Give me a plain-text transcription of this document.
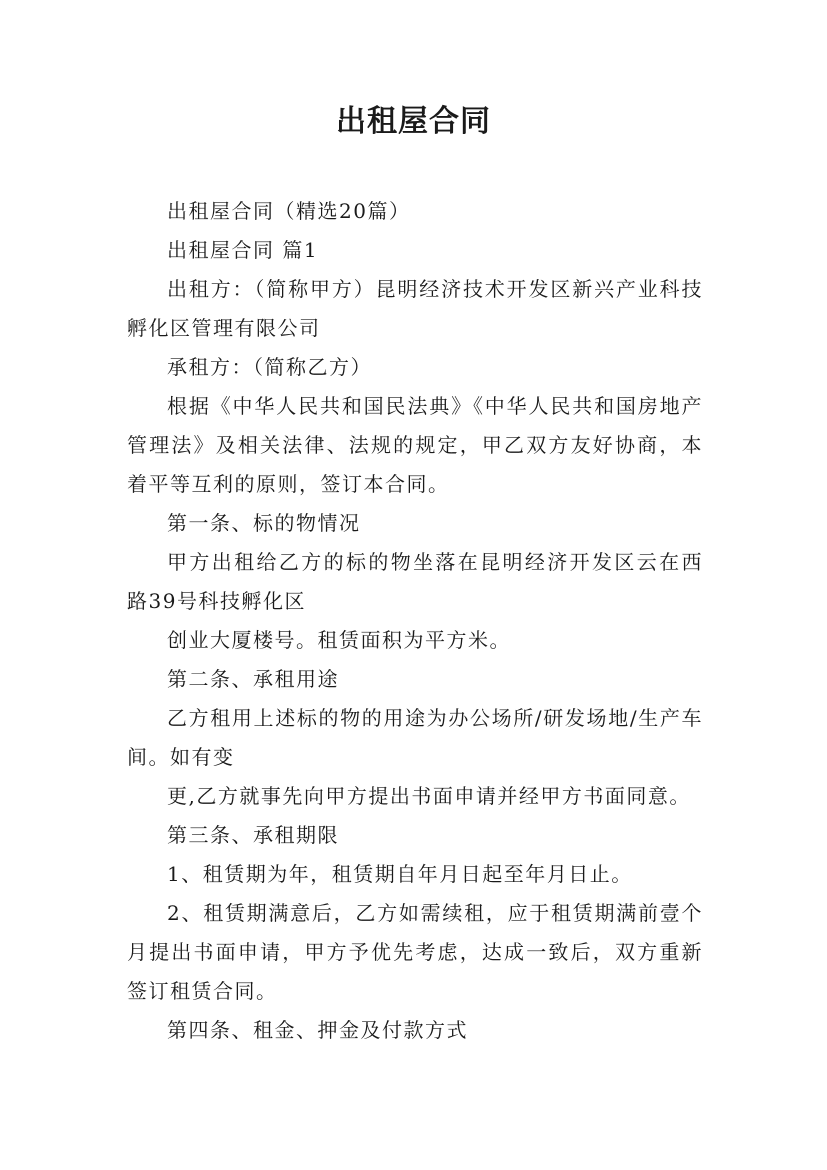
出租屋合同

出租屋合同（精选20篇）

出租屋合同 篇1

出租方：（简称甲方）昆明经济技术开发区新兴产业科技孵化区管理有限公司

承租方：（简称乙方）

根据《中华人民共和国民法典》《中华人民共和国房地产管理法》及相关法律、法规的规定，甲乙双方友好协商，本着平等互利的原则，签订本合同。

第一条、标的物情况

甲方出租给乙方的标的物坐落在昆明经济开发区云在西路39号科技孵化区

创业大厦楼号。租赁面积为平方米。

第二条、承租用途

乙方租用上述标的物的用途为办公场所/研发场地/生产车间。如有变

更,乙方就事先向甲方提出书面申请并经甲方书面同意。

第三条、承租期限

1、租赁期为年，租赁期自年月日起至年月日止。

2、租赁期满意后，乙方如需续租，应于租赁期满前壹个月提出书面申请，甲方予优先考虑，达成一致后，双方重新签订租赁合同。

第四条、租金、押金及付款方式
